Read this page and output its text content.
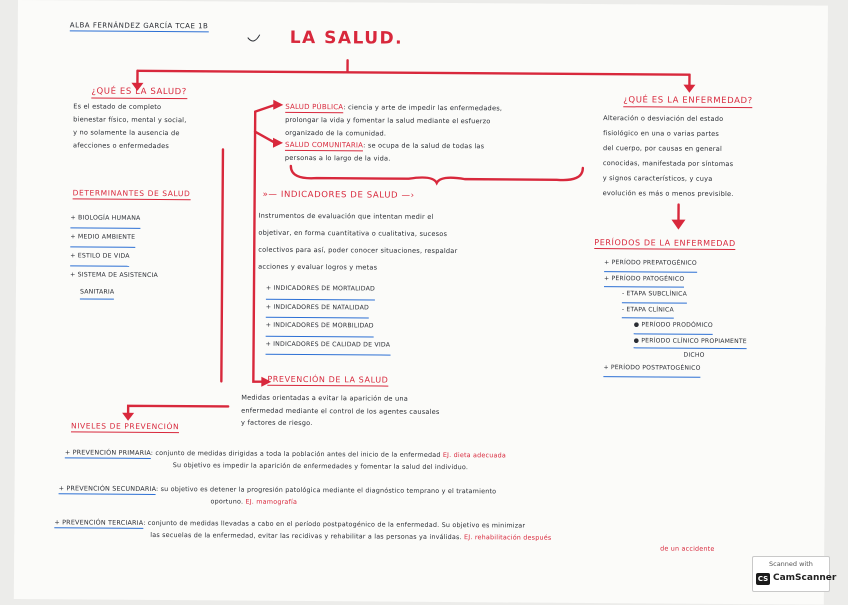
ALBA FERNÁNDEZ GARCÍA TCAE 1B
LA SALUD.
¿QUÉ ES LA SALUD?
Es el estado de completo
bienestar físico, mental y social,
y no solamente la ausencia de
afecciones o enfermedades
SALUD PÚBLICA: ciencia y arte de impedir las enfermedades,
prolongar la vida y fomentar la salud mediante el esfuerzo
organizado de la comunidad.
SALUD COMUNITARIA: se ocupa de la salud de todas las
personas a lo largo de la vida.
¿QUÉ ES LA ENFERMEDAD?
Alteración o desviación del estado
fisiológico en una o varias partes
del cuerpo, por causas en general
conocidas, manifestada por síntomas
y signos característicos, y cuya
evolución es más o menos previsible.
DETERMINANTES DE SALUD
+ BIOLOGÍA HUMANA
+ MEDIO AMBIENTE
+ ESTILO DE VIDA
+ SISTEMA DE ASISTENCIA
SANITARIA
»— INDICADORES DE SALUD —›
Instrumentos de evaluación que intentan medir el
objetivar, en forma cuantitativa o cualitativa, sucesos
colectivos para así, poder conocer situaciones, respaldar
acciones y evaluar logros y metas
+ INDICADORES DE MORTALIDAD
+ INDICADORES DE NATALIDAD
+ INDICADORES DE MORBILIDAD
+ INDICADORES DE CALIDAD DE VIDA
PERÍODOS DE LA ENFERMEDAD
+ PERÍODO PREPATOGÉNICO
+ PERÍODO PATOGÉNICO
- ETAPA SUBCLÍNICA
- ETAPA CLÍNICA
● PERÍODO PRODÓMICO
● PERÍODO CLÍNICO PROPIAMENTE
DICHO
+ PERÍODO POSTPATOGÉNICO
PREVENCIÓN DE LA SALUD
Medidas orientadas a evitar la aparición de una
enfermedad mediante el control de los agentes causales
y factores de riesgo.
NIVELES DE PREVENCIÓN
+ PREVENCIÓN PRIMARIA: conjunto de medidas dirigidas a toda la población antes del inicio de la enfermedad EJ. dieta adecuada
Su objetivo es impedir la aparición de enfermedades y fomentar la salud del individuo.
+ PREVENCIÓN SECUNDARIA: su objetivo es detener la progresión patológica mediante el diagnóstico temprano y el tratamiento
oportuno. EJ. mamografía
+ PREVENCIÓN TERCIARIA: conjunto de medidas llevadas a cabo en el período postpatogénico de la enfermedad. Su objetivo es minimizar
las secuelas de la enfermedad, evitar las recidivas y rehabilitar a las personas ya inválidas. EJ. rehabilitación después
de un accidente
Scanned with
CS CamScanner
